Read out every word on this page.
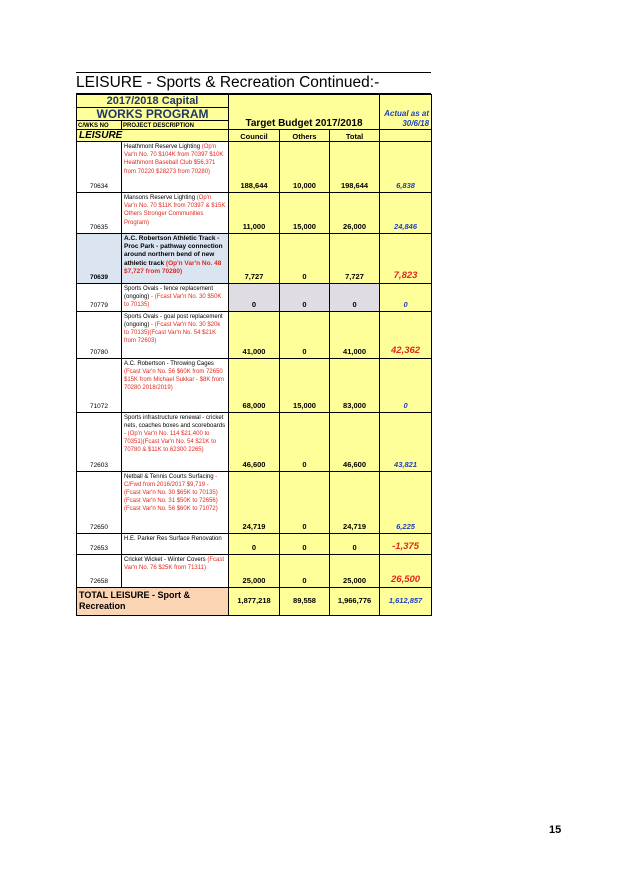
LEISURE - Sports & Recreation Continued:-
2017/2018 Capital		Target Budget 2017/2018			Actual as at 30/6/18
WORKS PROGRAM					
C/WKS NO	PROJECT DESCRIPTION				
LEISURE		Council	Others	Total	
70634	Heathmont Reserve Lighting (Op'n Var'n No. 70 $104K from 70397 $10K Heathmont Baseball Club $56,371 from 70220 $28273 from 70280)	188,644	10,000	198,644	6,838
70635	Mansons Reserve Lighting (Op'n Var'n No. 70 $11K from 70397 & $15K Others Stronger Communities Program)	11,000	15,000	26,000	24,846
70639	A.C. Robertson Athletic Track - Proc Park - pathway connection around northern bend of new athletic track (Op'n Var'n No. 48 $7,727 from 70280)	7,727	0	7,727	7,823
70779	Sports Ovals - fence replacement (ongoing) - (Fcast Var'n No. 30 $50K to 70135)	0	0	0	0
70780	Sports Ovals - goal post replacement (ongoing) - (Fcast Var'n No. 30 $20k to 70135)(Fcast Var'n No. 54 $21K from 72603)	41,000	0	41,000	42,362
71072	A.C. Robertson - Throwing Cages (Fcast Var'n No. 56 $60K from 72650 $15K from Michael Sukkar - $8K from 70280 2018/2019)	68,000	15,000	83,000	0
72603	Sports infrastructure renewal - cricket nets, coaches boxes and scoreboards - (Op'n Var'n No. 114 $21,400 to 70351)(Fcast Var'n No. 54 $21K to 70780 & $11K to 62300 2265)	46,600	0	46,600	43,821
72650	Netball & Tennis Courts Surfacing - C/Fwd from 2016/2017 $9,719 - (Fcast Var'n No. 30 $65K to 70135)(Fcast Var'n No. 31 $50K to 72656)(Fcast Var'n No. 56 $60K to 71072)	24,719	0	24,719	6,225
72653	H.E. Parker Res Surface Renovation	0	0	0	-1,375
72658	Cricket Wicket - Winter Covers (Fcast Var'n No. 76 $25K from 71311)	25,000	0	25,000	26,500
TOTAL LEISURE - Sport & Recreation		1,877,218	89,558	1,966,776	1,612,857
15
